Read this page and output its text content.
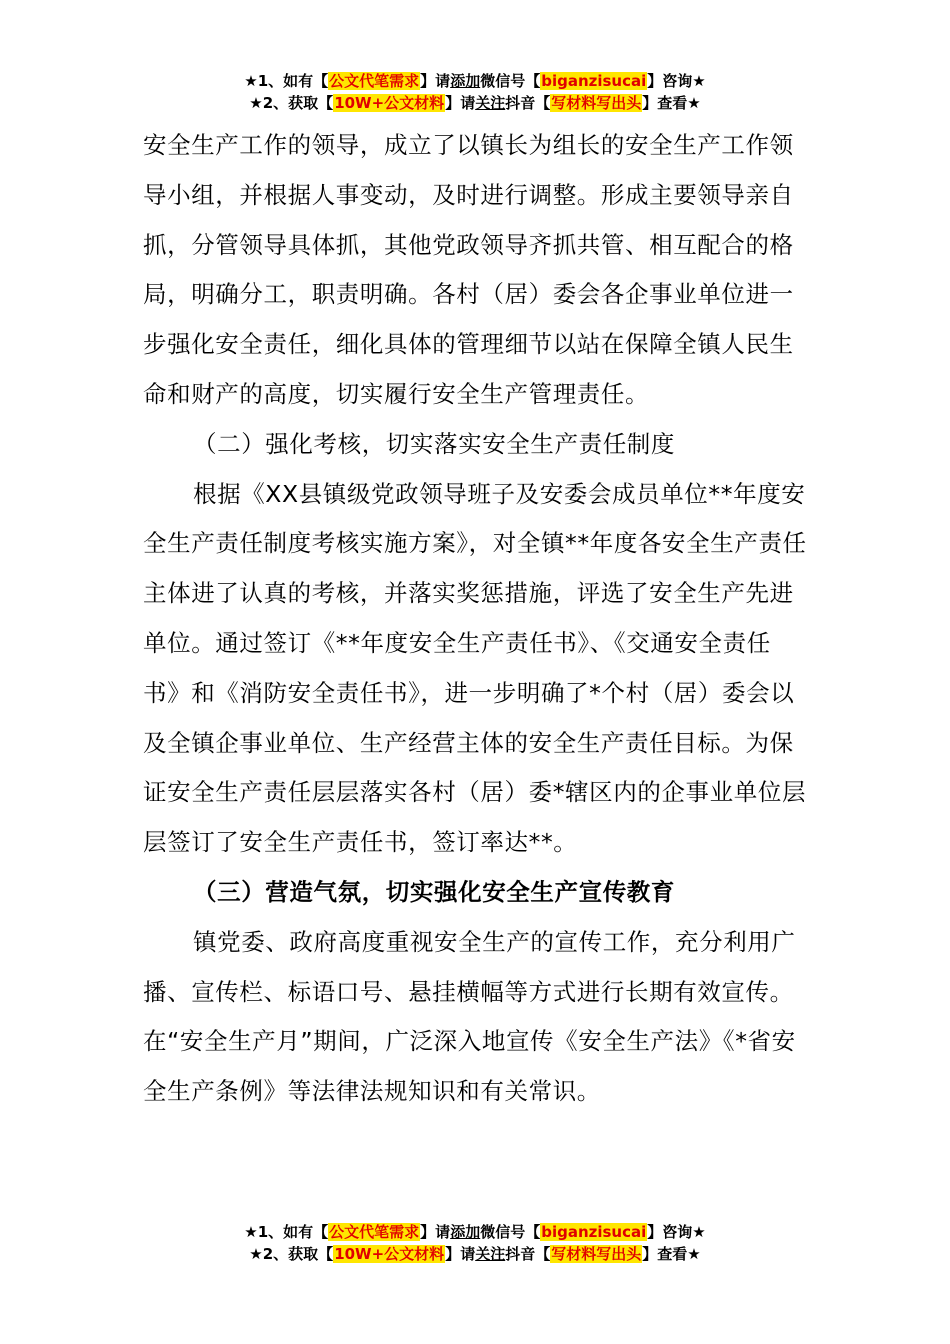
★1、如有【公文代笔需求】请添加微信号【biganzisucai】咨询★
★2、获取【10W+公文材料】请关注抖音【写材料写出头】查看★

安全生产工作的领导，成立了以镇长为组长的安全生产工作领导小组，并根据人事变动，及时进行调整。形成主要领导亲自抓，分管领导具体抓，其他党政领导齐抓共管、相互配合的格局，明确分工，职责明确。各村（居）委会各企事业单位进一步强化安全责任，细化具体的管理细节以站在保障全镇人民生命和财产的高度，切实履行安全生产管理责任。

（二）强化考核，切实落实安全生产责任制度

根据《XX县镇级党政领导班子及安委会成员单位**年度安全生产责任制度考核实施方案》，对全镇**年度各安全生产责任主体进了认真的考核，并落实奖惩措施，评选了安全生产先进单位。通过签订《**年度安全生产责任书》、《交通安全责任书》和《消防安全责任书》，进一步明确了*个村（居）委会以及全镇企事业单位、生产经营主体的安全生产责任目标。为保证安全生产责任层层落实各村（居）委*辖区内的企事业单位层层签订了安全生产责任书，签订率达**。

（三）营造气氛，切实强化安全生产宣传教育

镇党委、政府高度重视安全生产的宣传工作，充分利用广播、宣传栏、标语口号、悬挂横幅等方式进行长期有效宣传。在“安全生产月”期间，广泛深入地宣传《安全生产法》《*省安全生产条例》等法律法规知识和有关常识。

★1、如有【公文代笔需求】请添加微信号【biganzisucai】咨询★
★2、获取【10W+公文材料】请关注抖音【写材料写出头】查看★
